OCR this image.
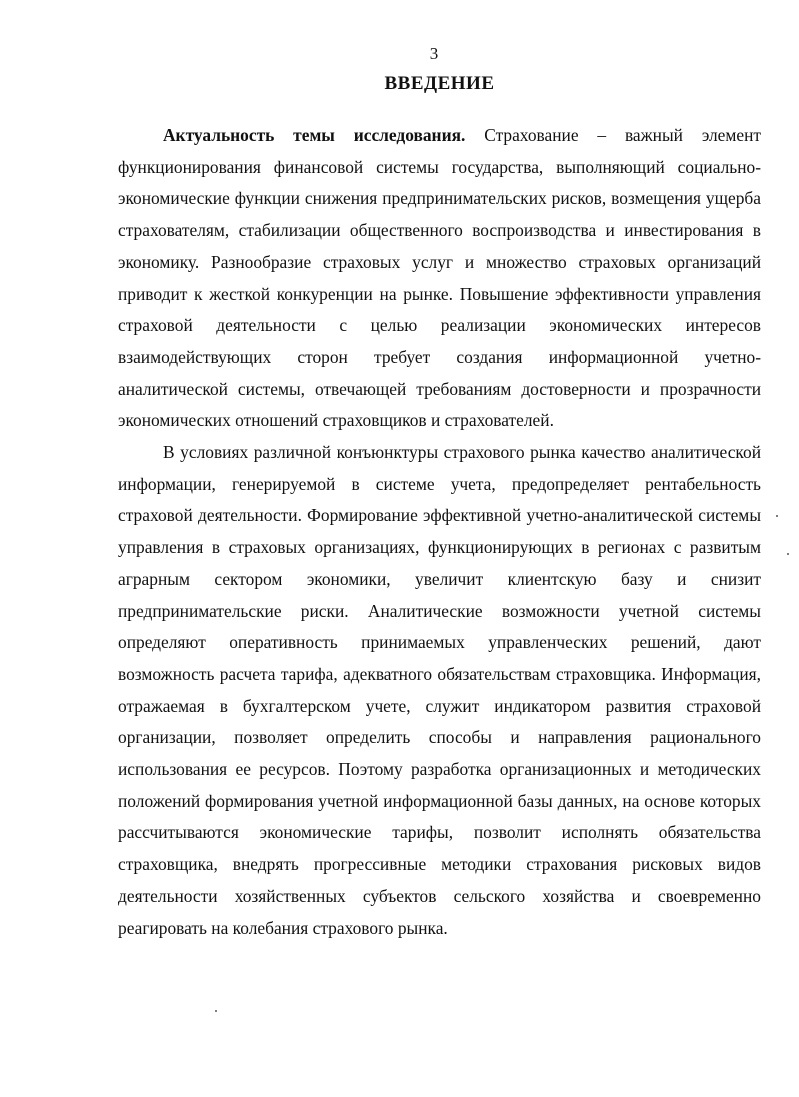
3
ВВЕДЕНИЕ

Актуальность темы исследования. Страхование – важный элемент функционирования финансовой системы государства, выполняющий социально-экономические функции снижения предпринимательских рисков, возмещения ущерба страхователям, стабилизации общественного воспроизводства и инвестирования в экономику. Разнообразие страховых услуг и множество страховых организаций приводит к жесткой конкуренции на рынке. Повышение эффективности управления страховой деятельности с целью реализации экономических интересов взаимодействующих сторон требует создания информационной учетно-аналитической системы, отвечающей требованиям достоверности и прозрачности экономических отношений страховщиков и страхователей.

В условиях различной конъюнктуры страхового рынка качество аналитической информации, генерируемой в системе учета, предопределяет рентабельность страховой деятельности. Формирование эффективной учетно-аналитической системы управления в страховых организациях, функционирующих в регионах с развитым аграрным сектором экономики, увеличит клиентскую базу и снизит предпринимательские риски. Аналитические возможности учетной системы определяют оперативность принимаемых управленческих решений, дают возможность расчета тарифа, адекватного обязательствам страховщика. Информация, отражаемая в бухгалтерском учете, служит индикатором развития страховой организации, позволяет определить способы и направления рационального использования ее ресурсов. Поэтому разработка организационных и методических положений формирования учетной информационной базы данных, на основе которых рассчитываются экономические тарифы, позволит исполнять обязательства страховщика, внедрять прогрессивные методики страхования рисковых видов деятельности хозяйственных субъектов сельского хозяйства и своевременно реагировать на колебания страхового рынка.
